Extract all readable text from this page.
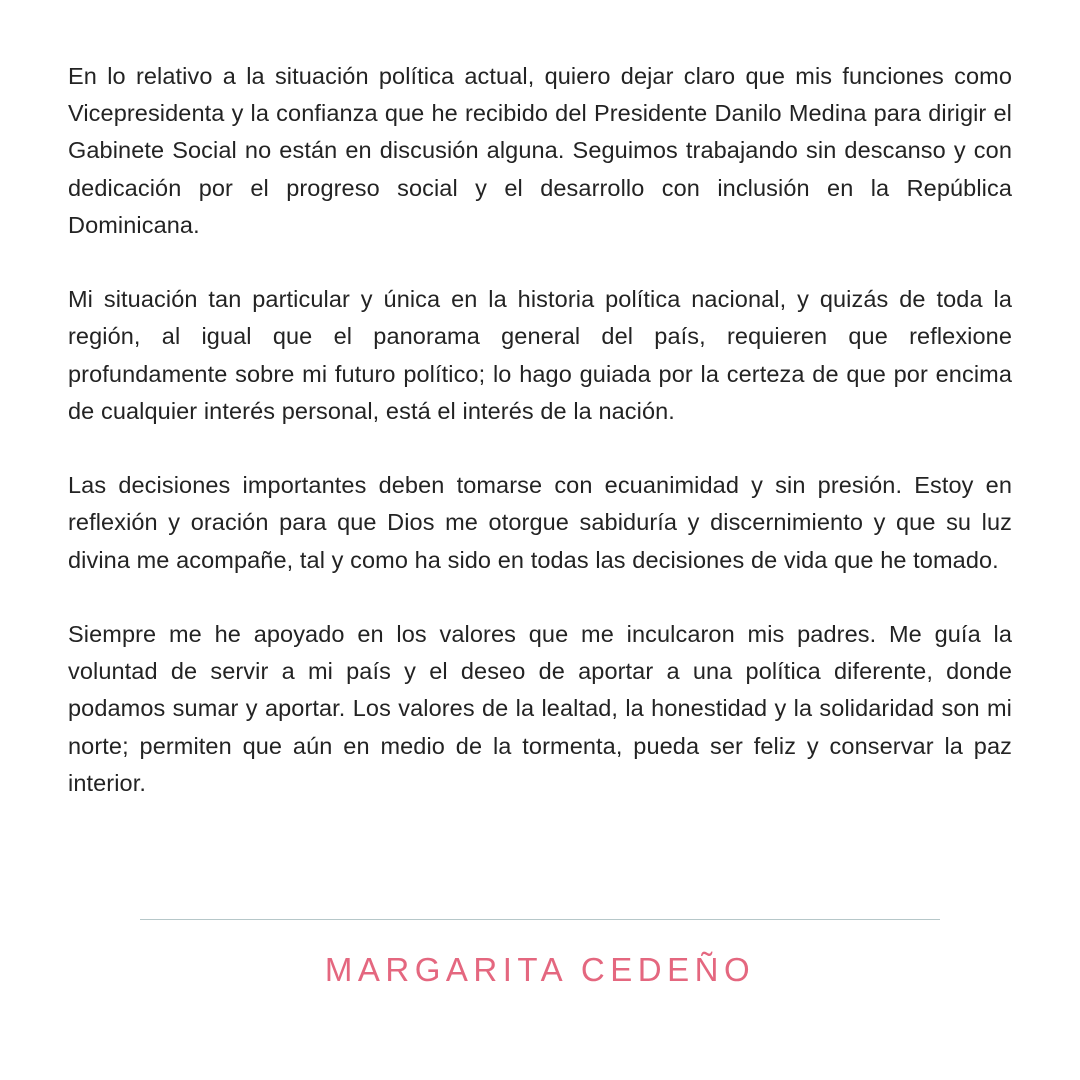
En lo relativo a la situación política actual, quiero dejar claro que mis funciones como Vicepresidenta y la confianza que he recibido del Presidente Danilo Medina para dirigir el Gabinete Social no están en discusión alguna. Seguimos trabajando sin descanso y con dedicación por el progreso social y el desarrollo con inclusión en la República Dominicana.

Mi situación tan particular y única en la historia política nacional, y quizás de toda la región, al igual que el panorama general del país, requieren que reflexione profundamente sobre mi futuro político; lo hago guiada por la certeza de que por encima de cualquier interés personal, está el interés de la nación.

Las decisiones importantes deben tomarse con ecuanimidad y sin presión. Estoy en reflexión y oración para que Dios me otorgue sabiduría y discernimiento y que su luz divina me acompañe, tal y como ha sido en todas las decisiones de vida que he tomado.

Siempre me he apoyado en los valores que me inculcaron mis padres. Me guía la voluntad de servir a mi país y el deseo de aportar a una política diferente, donde podamos sumar y aportar. Los valores de la lealtad, la honestidad y la solidaridad son mi norte; permiten que aún en medio de la tormenta, pueda ser feliz y conservar la paz interior.

MARGARITA CEDEÑO
